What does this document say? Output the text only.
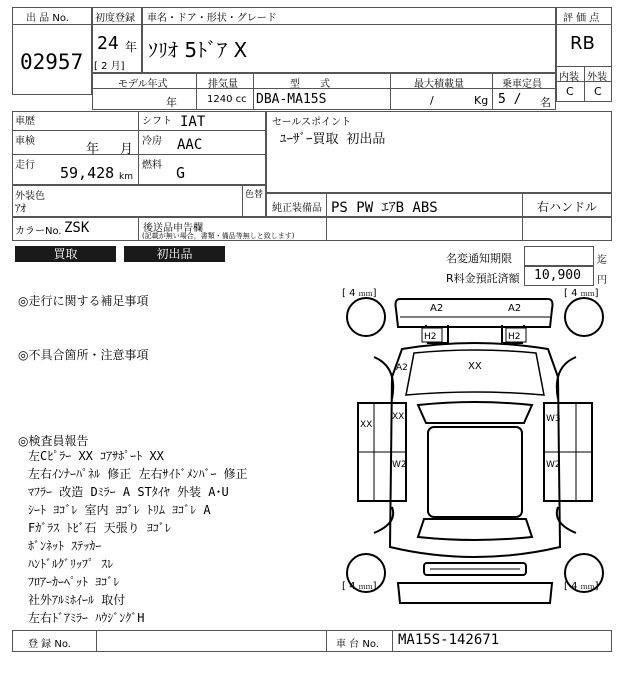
出 品 No.
02957
初度登録
24 年
[ 2 月]
車名・ドア・形状・グレード
ｿﾘｵ 5ﾄﾞｱ X
評 価 点
RB
内装 外装
C C
モデル年式
年
排気量
1240 cc
型　　式
DBA-MA15S
最大積載量
/	Kg
乗車定員
5 / 名
車歴	シフト IAT
車検
年 月
冷房 AAC
走行 59,428 km
燃料 G
セールスポイント
ﾕｰｻﾞｰ買取 初出品
外装色
ｱｵ
色替
純正装備品 PS PW ｴｱB ABS	右ハンドル
カラーNo. ZSK	後送品申告欄
(記載が無い場合，書類・備品等無しと致します)
買取	初出品	名変通知期限	迄
R料金預託済額 10,900 円
◎走行に関する補足事項
◎不具合箇所・注意事項
◎検査員報告
左Cﾋﾟﾗｰ XX ｺｱｻﾎﾟｰﾄ XX
左右ｲﾝﾅｰﾊﾟﾈﾙ 修正 左右ｻｲﾄﾞﾒﾝﾊﾞｰ 修正
ﾏﾌﾗｰ 改造 Dﾐﾗｰ A STﾀｲﾔ 外装 A･U
ｼｰﾄ ﾖｺﾞﾚ 室内 ﾖｺﾞﾚ ﾄﾘﾑ ﾖｺﾞﾚ A
Fｶﾞﾗｽ ﾄﾋﾞ石 天張り ﾖｺﾞﾚ
ﾎﾞﾝﾈｯﾄ ｽﾃｯｶｰ
ﾊﾝﾄﾞﾙｸﾞﾘｯﾌﾟ ｽﾚ
ﾌﾛｱｰｶｰﾍﾟｯﾄ ﾖｺﾞﾚ
社外ｱﾙﾐﾎｲｰﾙ 取付
左右ﾄﾞｱﾐﾗｰ ﾊｳｼﾞﾝｸﾞH
[ 4 ｍｍ]	[ 4 ｍｍ]
[ 4 ｍｍ]	[ 4 ｍｍ]
A2	A2
H2	H2
A2	XX
XX
XX	W3
W2	W2
登 録 No.	車 台 No. MA15S-142671
